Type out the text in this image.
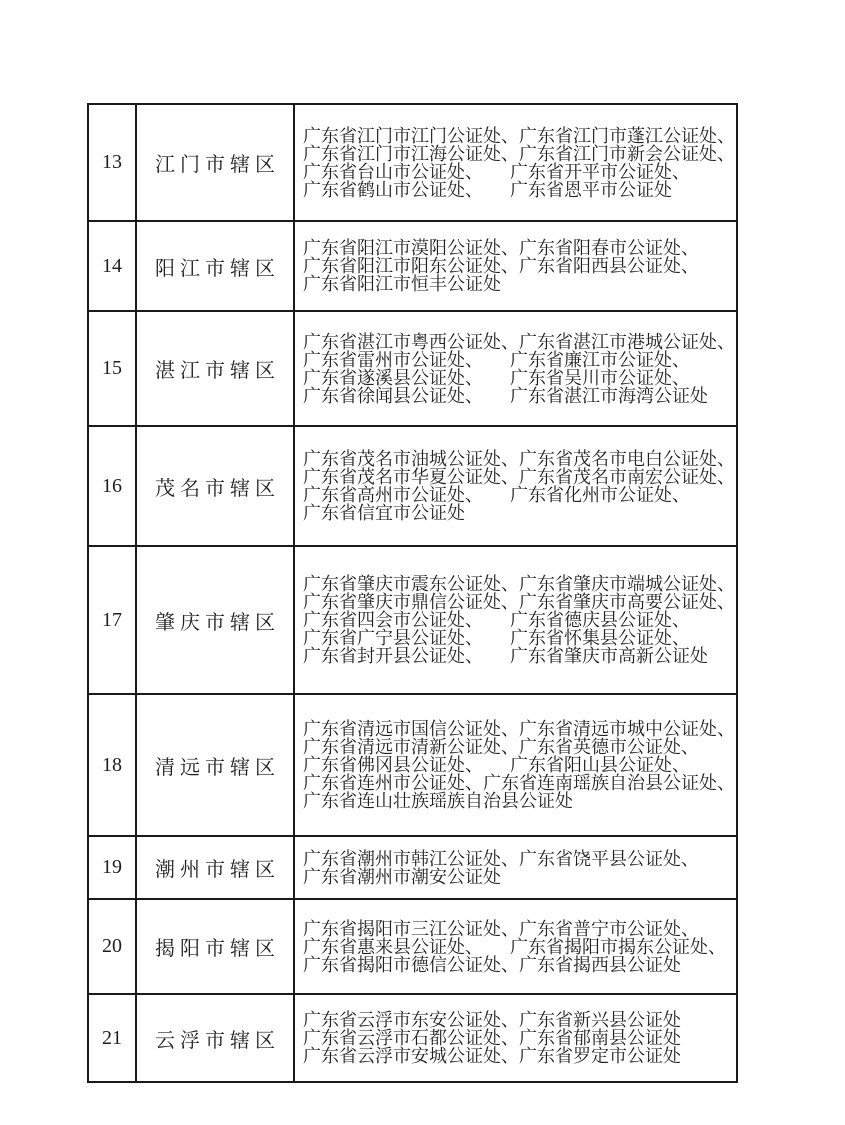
13	江门市辖区	广东省江门市江门公证处、广东省江门市蓬江公证处、
广东省江门市江海公证处、广东省江门市新会公证处、
广东省台山市公证处、　　广东省开平市公证处、
广东省鹤山市公证处、　　广东省恩平市公证处

14	阳江市辖区	广东省阳江市漠阳公证处、广东省阳春市公证处、
广东省阳江市阳东公证处、广东省阳西县公证处、
广东省阳江市恒丰公证处

15	湛江市辖区	广东省湛江市粤西公证处、广东省湛江市港城公证处、
广东省雷州市公证处、　　广东省廉江市公证处、
广东省遂溪县公证处、　　广东省吴川市公证处、
广东省徐闻县公证处、　　广东省湛江市海湾公证处

16	茂名市辖区	广东省茂名市油城公证处、广东省茂名市电白公证处、
广东省茂名市华夏公证处、广东省茂名市南宏公证处、
广东省高州市公证处、　　广东省化州市公证处、
广东省信宜市公证处

17	肇庆市辖区	广东省肇庆市震东公证处、广东省肇庆市端城公证处、
广东省肇庆市鼎信公证处、广东省肇庆市高要公证处、
广东省四会市公证处、　　广东省德庆县公证处、
广东省广宁县公证处、　　广东省怀集县公证处、
广东省封开县公证处、　　广东省肇庆市高新公证处

18	清远市辖区	广东省清远市国信公证处、广东省清远市城中公证处、
广东省清远市清新公证处、广东省英德市公证处、
广东省佛冈县公证处、　　广东省阳山县公证处、
广东省连州市公证处、广东省连南瑶族自治县公证处、
广东省连山壮族瑶族自治县公证处

19	潮州市辖区	广东省潮州市韩江公证处、广东省饶平县公证处、
广东省潮州市潮安公证处

20	揭阳市辖区	广东省揭阳市三江公证处、广东省普宁市公证处、
广东省惠来县公证处、　　广东省揭阳市揭东公证处、
广东省揭阳市德信公证处、广东省揭西县公证处

21	云浮市辖区	广东省云浮市东安公证处、广东省新兴县公证处
广东省云浮市石都公证处、广东省郁南县公证处
广东省云浮市安城公证处、广东省罗定市公证处
